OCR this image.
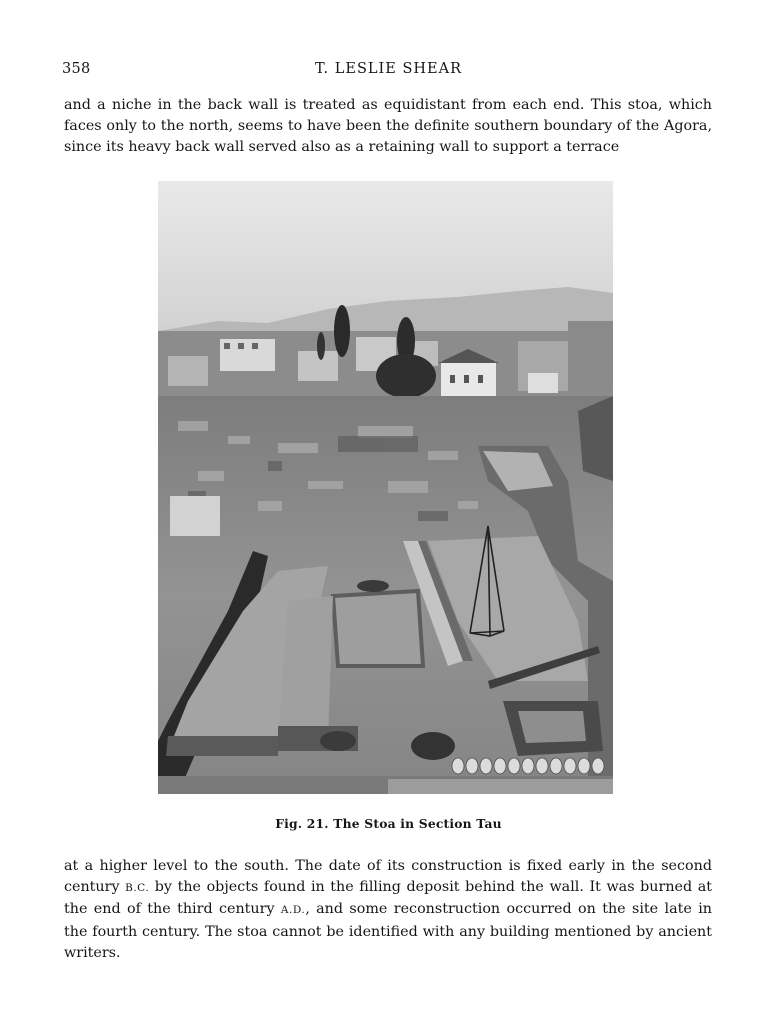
358	T. LESLIE SHEAR

and a niche in the back wall is treated as equidistant from each end. This stoa, which faces only to the north, seems to have been the definite southern boundary of the Agora, since its heavy back wall served also as a retaining wall to support a terrace

Fig. 21. The Stoa in Section Tau

at a higher level to the south. The date of its construction is fixed early in the second century B.C. by the objects found in the filling deposit behind the wall. It was burned at the end of the third century A.D., and some reconstruction occurred on the site late in the fourth century. The stoa cannot be identified with any building mentioned by ancient writers.
